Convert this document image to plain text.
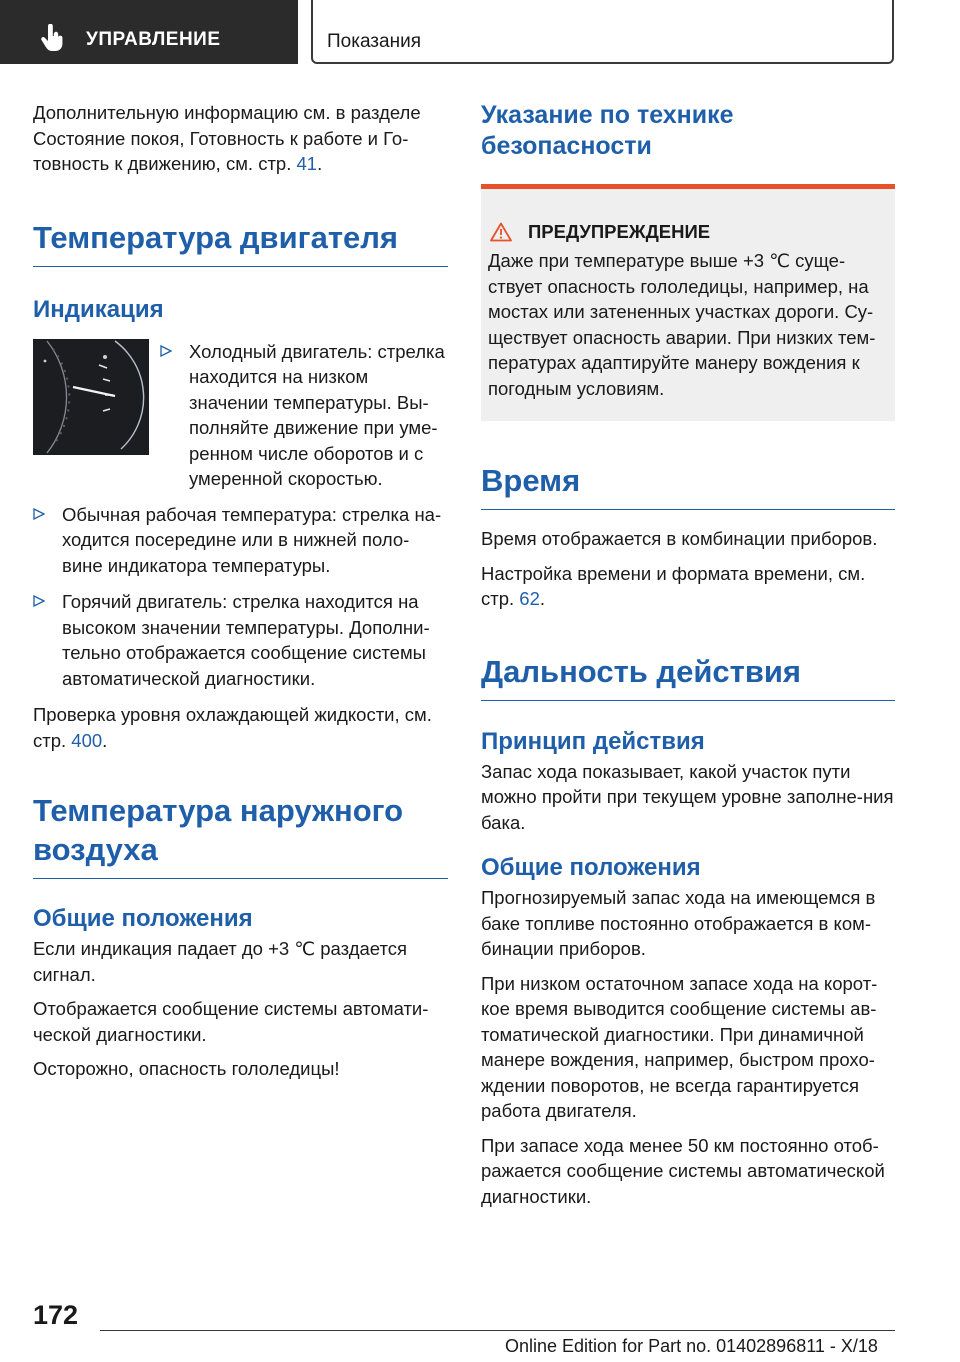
УПРАВЛЕНИЕ	Показания

Дополнительную информацию см. в разделе Состояние покоя, Готовность к работе и Го-товность к движению, см. стр. 41.

Температура двигателя
Индикация
Холодный двигатель: стрелка находится на низком значении температуры. Вы-полняйте движение при уме-ренном числе оборотов и с умеренной скоростью.
Обычная рабочая температура: стрелка на-ходится посередине или в нижней поло-вине индикатора температуры.
Горячий двигатель: стрелка находится на высоком значении температуры. Дополни-тельно отображается сообщение системы автоматической диагностики.

Проверка уровня охлаждающей жидкости, см. стр. 400.

Температура наружного воздуха
Общие положения

Если индикация падает до +3 ℃ раздается сигнал.

Отображается сообщение системы автомати-ческой диагностики.

Осторожно, опасность гололедицы!

Указание по технике безопасности
ПРЕДУПРЕЖДЕНИЕ

Даже при температуре выше +3 ℃ суще-ствует опасность гололедицы, например, на мостах или затененных участках дороги. Су-ществует опасность аварии. При низких тем-пературах адаптируйте манеру вождения к погодным условиям.

Время

Время отображается в комбинации приборов.

Настройка времени и формата времени, см. стр. 62.

Дальность действия
Принцип действия

Запас хода показывает, какой участок пути можно пройти при текущем уровне заполне-ния бака.

Общие положения

Прогнозируемый запас хода на имеющемся в баке топливе постоянно отображается в ком-бинации приборов.

При низком остаточном запасе хода на корот-кое время выводится сообщение системы ав-томатической диагностики. При динамичной манере вождения, например, быстром прохо-ждении поворотов, не всегда гарантируется работа двигателя.

При запасе хода менее 50 км постоянно отоб-ражается сообщение системы автоматической диагностики.

172
Online Edition for Part no. 01402896811 - X/18
